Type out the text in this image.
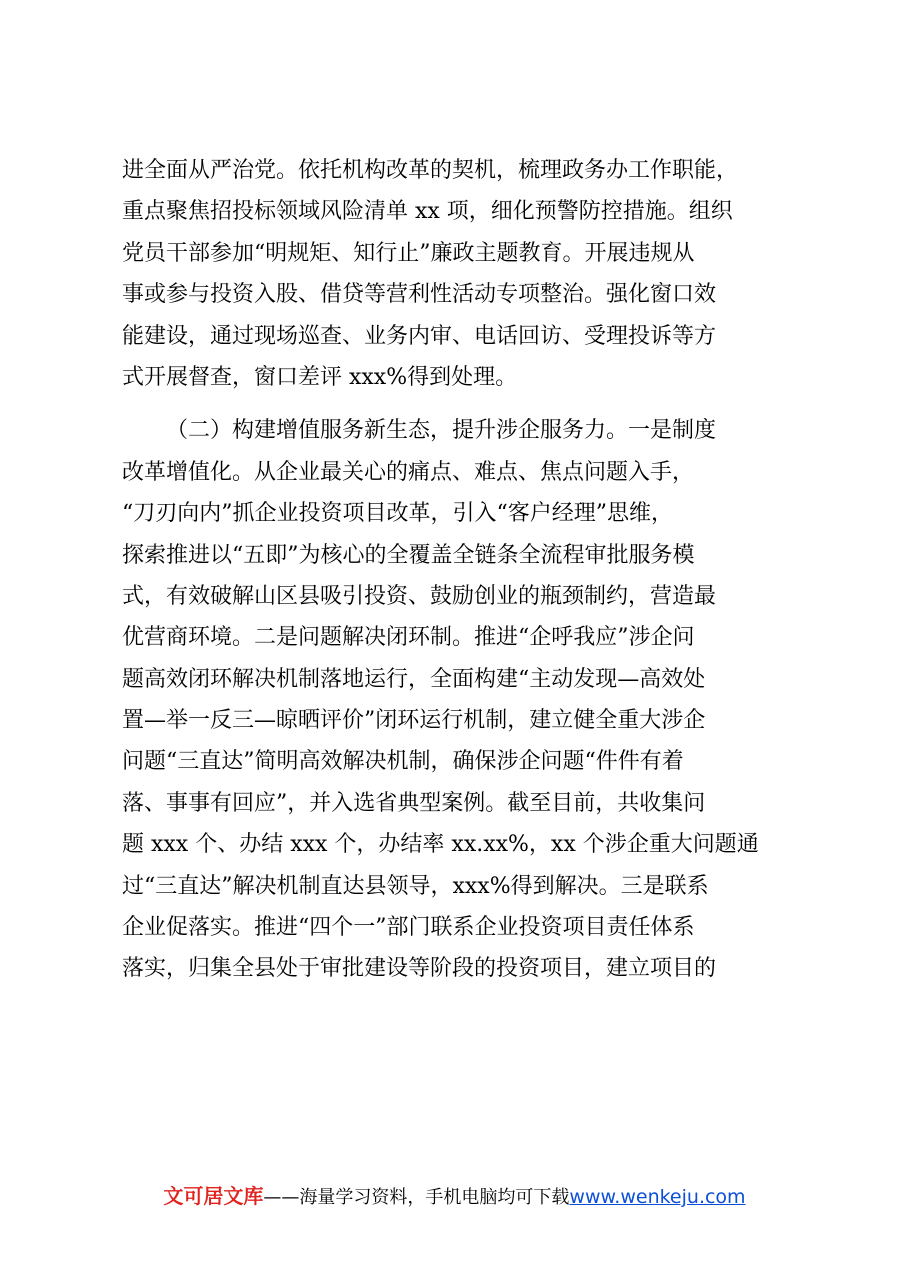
进全面从严治党。依托机构改革的契机，梳理政务办工作职能，
重点聚焦招投标领域风险清单 xx 项，细化预警防控措施。组织
党员干部参加“明规矩、知行止”廉政主题教育。开展违规从
事或参与投资入股、借贷等营利性活动专项整治。强化窗口效
能建设，通过现场巡查、业务内审、电话回访、受理投诉等方
式开展督查，窗口差评 xxx%得到处理。
（二）构建增值服务新生态，提升涉企服务力。一是制度
改革增值化。从企业最关心的痛点、难点、焦点问题入手，
“刀刃向内”抓企业投资项目改革，引入“客户经理”思维，
探索推进以“五即”为核心的全覆盖全链条全流程审批服务模
式，有效破解山区县吸引投资、鼓励创业的瓶颈制约，营造最
优营商环境。二是问题解决闭环制。推进“企呼我应”涉企问
题高效闭环解决机制落地运行，全面构建“主动发现—高效处
置—举一反三—晾晒评价”闭环运行机制，建立健全重大涉企
问题“三直达”简明高效解决机制，确保涉企问题“件件有着
落、事事有回应”，并入选省典型案例。截至目前，共收集问
题 xxx 个、办结 xxx 个，办结率 xx.xx%，xx 个涉企重大问题通
过“三直达”解决机制直达县领导，xxx%得到解决。三是联系
企业促落实。推进“四个一”部门联系企业投资项目责任体系
落实，归集全县处于审批建设等阶段的投资项目，建立项目的
文可居文库——海量学习资料，手机电脑均可下载www.wenkeju.com
